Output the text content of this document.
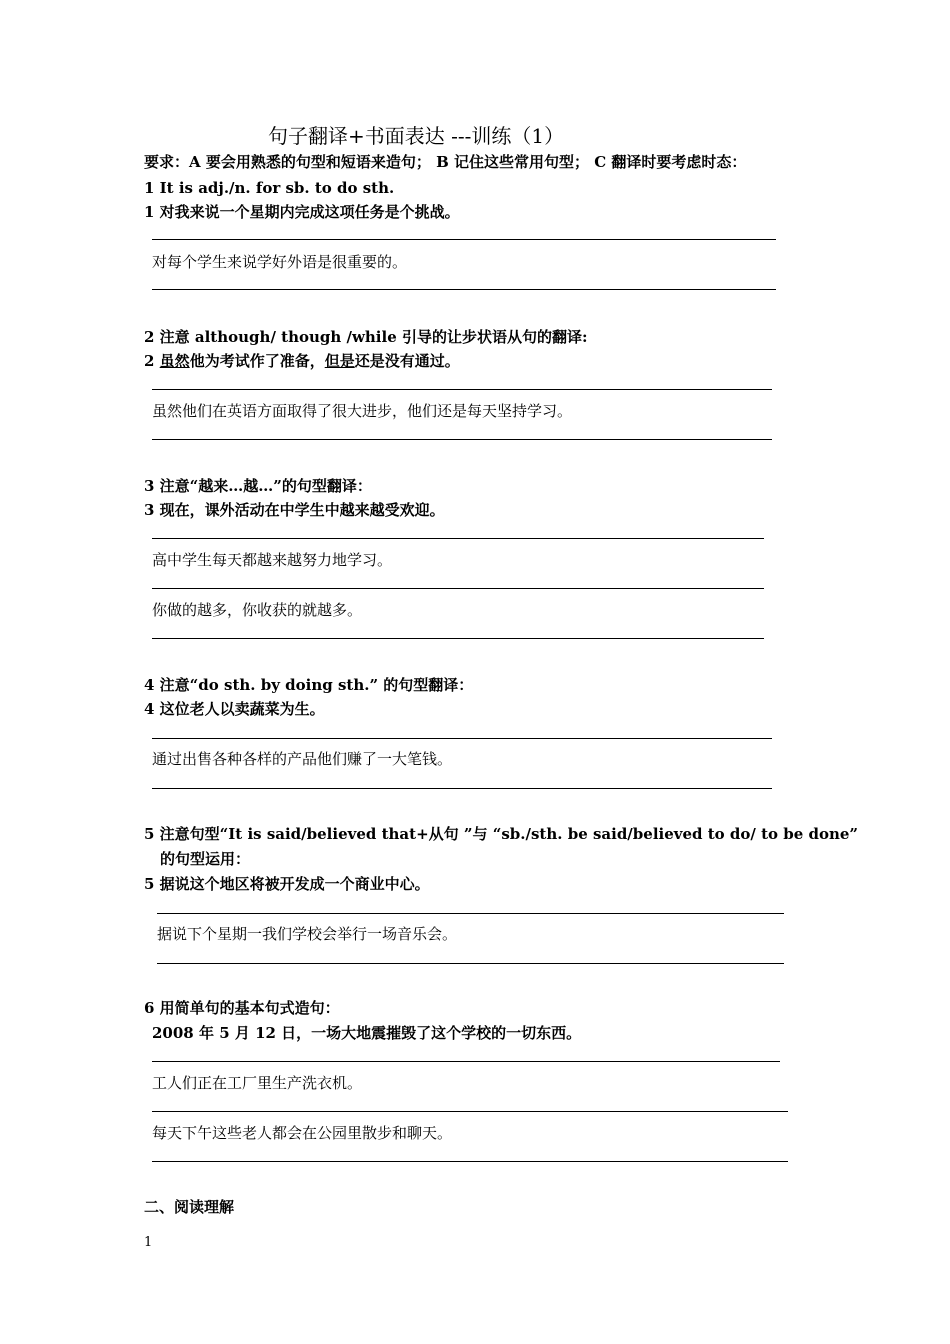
句子翻译+书面表达 ---训练（1）
要求：A 要会用熟悉的句型和短语来造句； B 记住这些常用句型； C 翻译时要考虑时态：
1 It is adj./n. for sb. to do sth.
1 对我来说一个星期内完成这项任务是个挑战。
对每个学生来说学好外语是很重要的。
2 注意 although/ though /while 引导的让步状语从句的翻译:
2 虽然他为考试作了准备，但是还是没有通过。
虽然他们在英语方面取得了很大进步，他们还是每天坚持学习。
3 注意“越来…越…”的句型翻译：
3 现在，课外活动在中学生中越来越受欢迎。
高中学生每天都越来越努力地学习。
你做的越多，你收获的就越多。
4 注意“do sth. by doing sth.” 的句型翻译：
4 这位老人以卖蔬菜为生。
通过出售各种各样的产品他们赚了一大笔钱。
5 注意句型“It is said/believed that+从句 ”与 “sb./sth. be said/believed to do/ to be done”
的句型运用：
5 据说这个地区将被开发成一个商业中心。
据说下个星期一我们学校会举行一场音乐会。
6 用简单句的基本句式造句：
2008 年 5 月 12 日，一场大地震摧毁了这个学校的一切东西。
工人们正在工厂里生产洗衣机。
每天下午这些老人都会在公园里散步和聊天。
二、阅读理解
1
